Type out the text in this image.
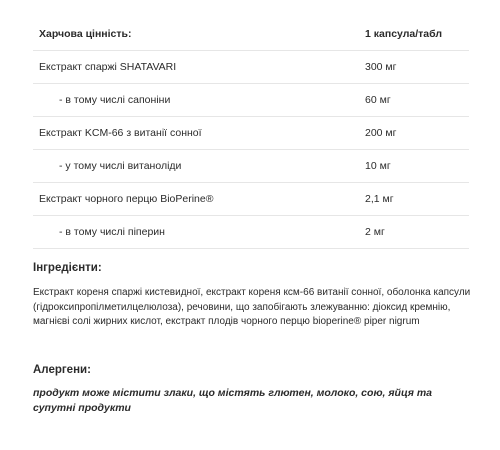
Харчова цінність:	1 капсула/табл
Екстракт спаржі SHATAVARI	300 мг
- в тому числі сапоніни	60 мг
Екстракт KCM-66 з витанії сонної	200 мг
- у тому числі витаноліди	10 мг
Екстракт чорного перцю BioPerine®	2,1 мг
- в тому числі піперин	2 мг
Інгредієнти:

Екстракт кореня спаржі кистевидної, екстракт кореня ксм-66 витанії сонної, оболонка капсули (гідроксипропілметилцелюлоза), речовини, що запобігають злежуванню: діоксид кремнію, магнієві солі жирних кислот, екстракт плодів чорного перцю bioperine® piper nigrum

Алергени:

продукт може містити злаки, що містять глютен, молоко, сою, яйця та супутні продукти
